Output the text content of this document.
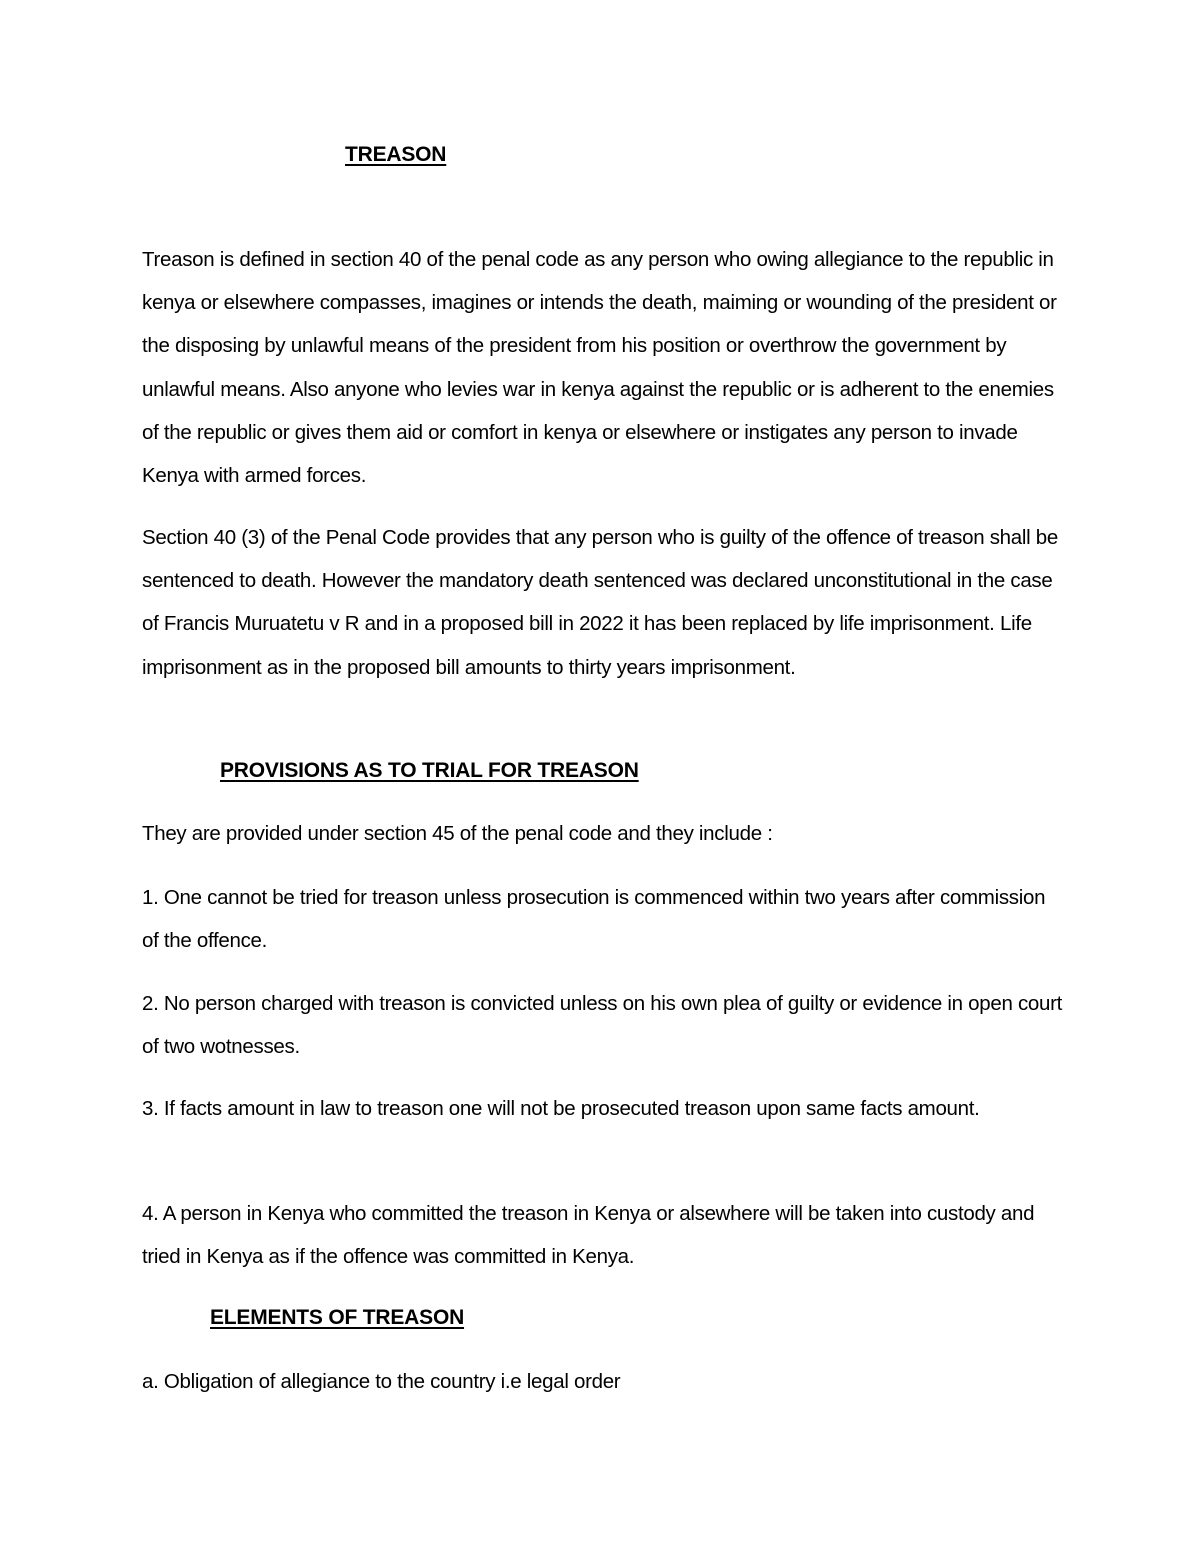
TREASON

Treason is defined in section 40 of the penal code as any person who owing allegiance to the republic in kenya or elsewhere compasses, imagines or intends the death, maiming or wounding of the president or the disposing by unlawful means of the president from his position or overthrow the government by unlawful means. Also anyone who levies war in kenya against the republic or is adherent to the enemies of the republic or gives them aid or comfort in kenya or elsewhere or instigates any person to invade Kenya with armed forces.

Section 40 (3) of the Penal Code provides that any person who is guilty of the offence of treason shall be sentenced to death. However the mandatory death sentenced was declared unconstitutional in the case of Francis Muruatetu v R and in a proposed bill in 2022 it has been replaced by life imprisonment. Life imprisonment as in the proposed bill amounts to thirty years imprisonment.

PROVISIONS AS TO TRIAL FOR TREASON

They are provided under section 45 of the penal code and they include :

1. One cannot be tried for treason unless prosecution is commenced within two years after commission of the offence.

2. No person charged with treason is convicted unless on his own plea of guilty or evidence in open court of two wotnesses.

3. If facts amount in law to treason one will not be prosecuted treason upon same facts amount.

4. A person in Kenya who committed the treason in Kenya or alsewhere will be taken into custody and tried in Kenya as if the offence was committed in Kenya.

ELEMENTS OF TREASON

a. Obligation of allegiance to the country i.e legal order
